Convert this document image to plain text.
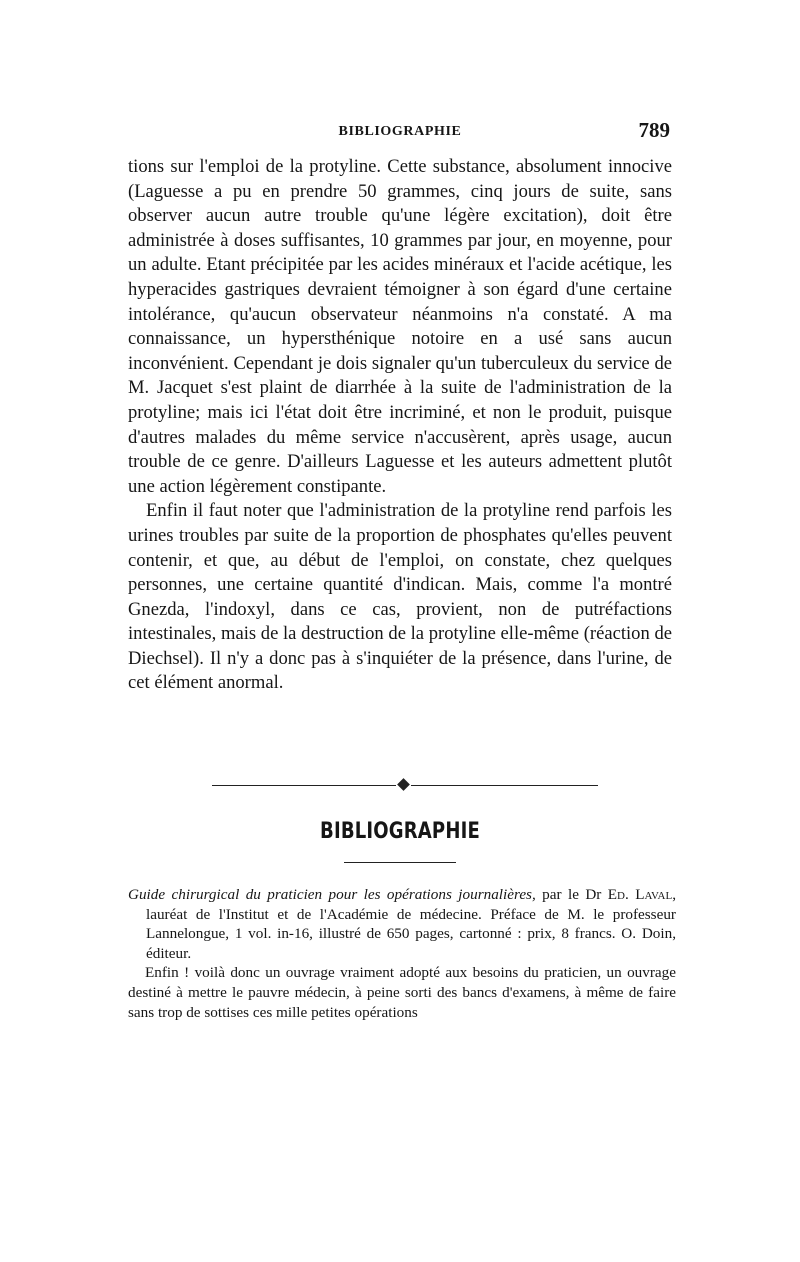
BIBLIOGRAPHIE	789

tions sur l'emploi de la protyline. Cette substance, absolument innocive (Laguesse a pu en prendre 50 grammes, cinq jours de suite, sans observer aucun autre trouble qu'une légère excitation), doit être administrée à doses suffisantes, 10 grammes par jour, en moyenne, pour un adulte. Etant précipitée par les acides minéraux et l'acide acétique, les hyperacides gastriques devraient témoigner à son égard d'une certaine intolérance, qu'aucun observateur néanmoins n'a constaté. A ma connaissance, un hypersthénique notoire en a usé sans aucun inconvénient. Cependant je dois signaler qu'un tuberculeux du service de M. Jacquet s'est plaint de diarrhée à la suite de l'administration de la protyline; mais ici l'état doit être incriminé, et non le produit, puisque d'autres malades du même service n'accusèrent, après usage, aucun trouble de ce genre. D'ailleurs Laguesse et les auteurs admettent plutôt une action légèrement constipante.

Enfin il faut noter que l'administration de la protyline rend parfois les urines troubles par suite de la proportion de phosphates qu'elles peuvent contenir, et que, au début de l'emploi, on constate, chez quelques personnes, une certaine quantité d'indican. Mais, comme l'a montré Gnezda, l'indoxyl, dans ce cas, provient, non de putréfactions intestinales, mais de la destruction de la protyline elle-même (réaction de Diechsel). Il n'y a donc pas à s'inquiéter de la présence, dans l'urine, de cet élément anormal.

BIBLIOGRAPHIE

Guide chirurgical du praticien pour les opérations journalières, par le Dr Ed. Laval, lauréat de l'Institut et de l'Académie de médecine. Préface de M. le professeur Lannelongue, 1 vol. in-16, illustré de 650 pages, cartonné : prix, 8 francs. O. Doin, éditeur.

Enfin ! voilà donc un ouvrage vraiment adopté aux besoins du praticien, un ouvrage destiné à mettre le pauvre médecin, à peine sorti des bancs d'examens, à même de faire sans trop de sottises ces mille petites opérations
